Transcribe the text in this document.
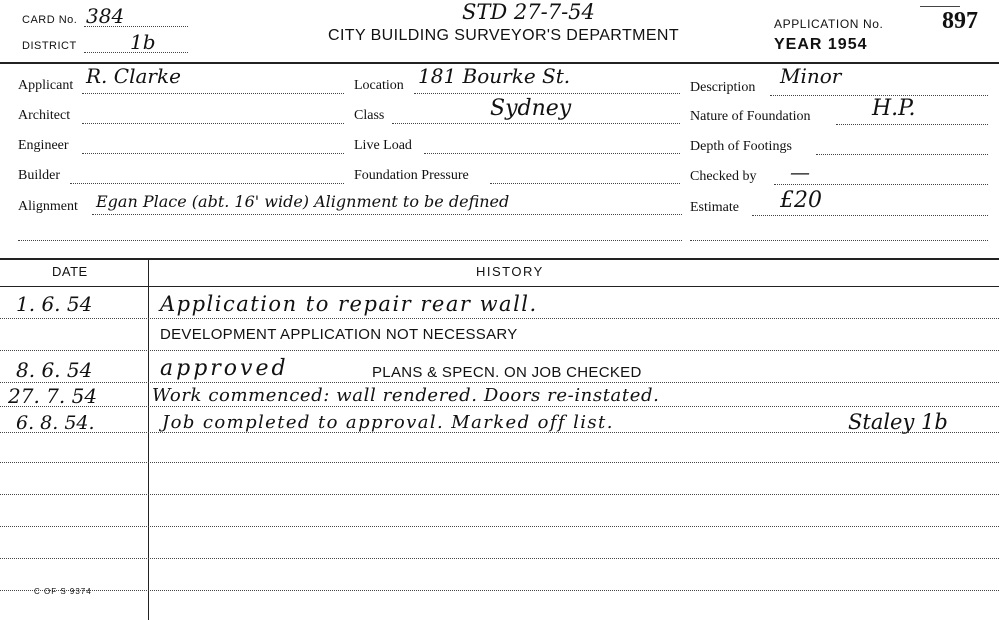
CARD No. 384
DISTRICT	1b
STD 27-7-54
CITY BUILDING SURVEYOR'S DEPARTMENT
APPLICATION No. 897
YEAR 1954
Applicant R. Clarke
Architect
Engineer
Builder
Alignment Egan Place (abt. 16' wide) Alignment to be defined
Location 181 Bourke St.
Class	Sydney
Live Load
Foundation Pressure
Description Minor
Nature of Foundation	H.P.
Depth of Footings
Checked by —
Estimate £20
DATE	HISTORY
1. 6. 54	Application to repair rear wall.
DEVELOPMENT APPLICATION NOT NECESSARY
8. 6. 54	approved	PLANS & SPECN. ON JOB CHECKED
27. 7. 54	Work commenced: wall rendered. Doors re-instated.
6. 8. 54.	Job completed to approval. Marked off list.	Staley 1b
C OF S 9374
